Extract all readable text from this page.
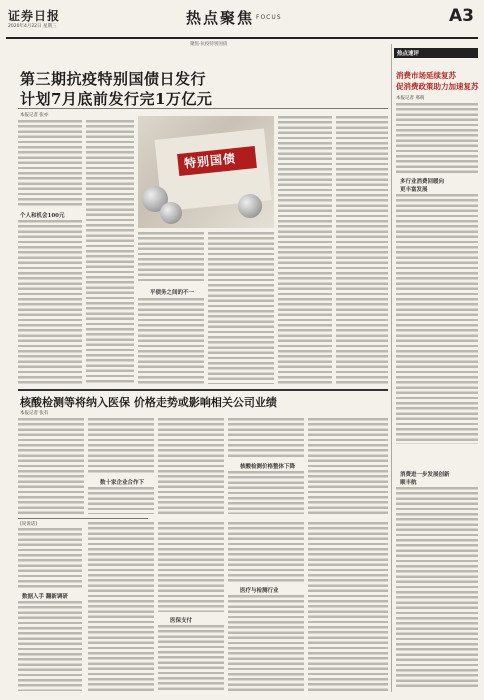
证券日报
2020年4月22日 星期三	热点聚焦 FOCUS	A3
聚焦·抗疫特别国债
第三期抗疫特别国债日发行
计划7月底前发行完1万亿元
本报记者 张亦
个人和机会100元
特别国债
平债务之间的不一
热点速评
消费市场延续复苏
促消费政策助力加速复苏
本报记者 邢萌
多行业消费回暖向
更丰富发展
消费进一步发展创新
顺丰航
核酸检测等将纳入医保 价格走势或影响相关公司业绩
本报记者 张有
数十家企业合作下
核酸检测价格整体下降
[说说话]
数据入手 翻新调研
医保支付
医疗与检测行业
